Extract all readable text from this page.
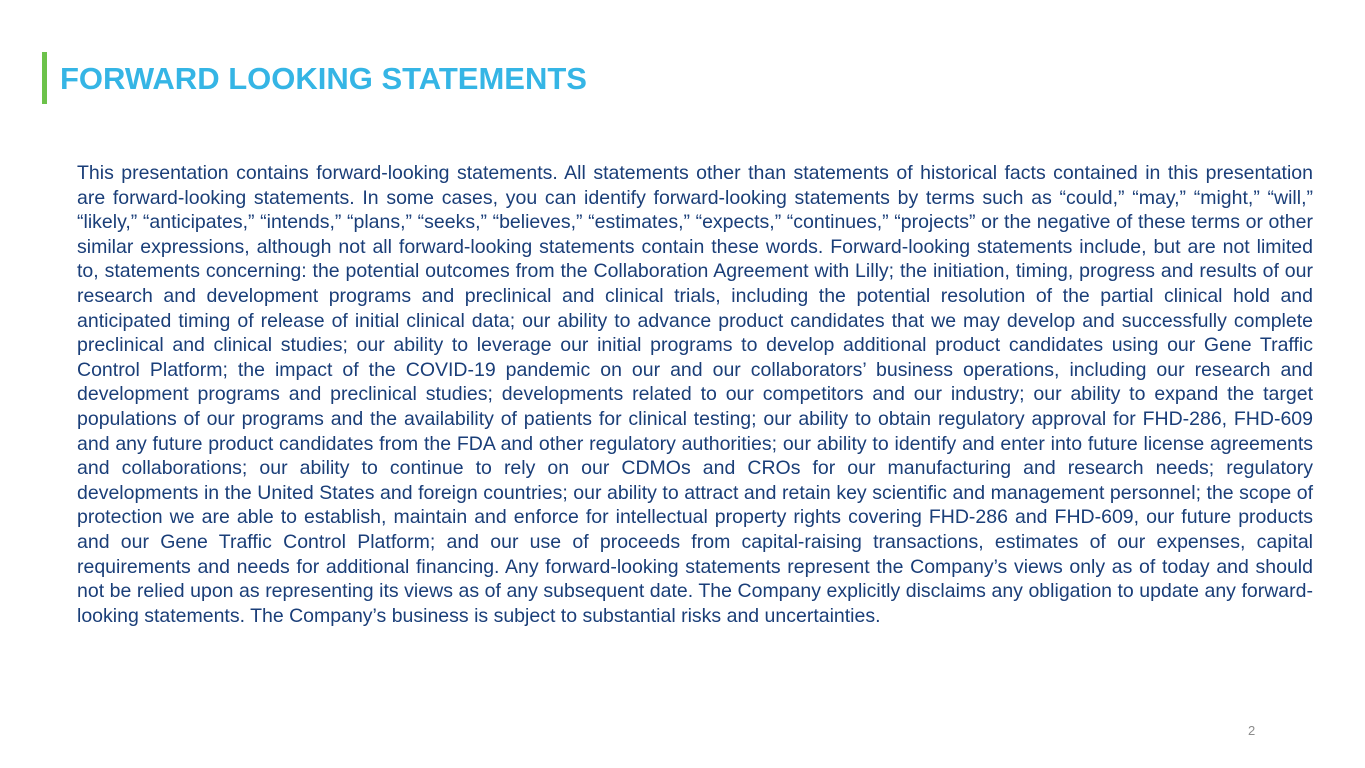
FORWARD LOOKING STATEMENTS

This presentation contains forward-looking statements. All statements other than statements of historical facts contained in this presentation are forward-looking statements. In some cases, you can identify forward-looking statements by terms such as “could,” “may,” “might,” “will,” “likely,” “anticipates,” “intends,” “plans,” “seeks,” “believes,” “estimates,” “expects,” “continues,” “projects” or the negative of these terms or other similar expressions, although not all forward-looking statements contain these words. Forward-looking statements include, but are not limited to, statements concerning: the potential outcomes from the Collaboration Agreement with Lilly; the initiation, timing, progress and results of our research and development programs and preclinical and clinical trials, including the potential resolution of the partial clinical hold and anticipated timing of release of initial clinical data; our ability to advance product candidates that we may develop and successfully complete preclinical and clinical studies; our ability to leverage our initial programs to develop additional product candidates using our Gene Traffic Control Platform; the impact of the COVID-19 pandemic on our and our collaborators’ business operations, including our research and development programs and preclinical studies; developments related to our competitors and our industry; our ability to expand the target populations of our programs and the availability of patients for clinical testing; our ability to obtain regulatory approval for FHD-286, FHD-609 and any future product candidates from the FDA and other regulatory authorities; our ability to identify and enter into future license agreements and collaborations; our ability to continue to rely on our CDMOs and CROs for our manufacturing and research needs; regulatory developments in the United States and foreign countries; our ability to attract and retain key scientific and management personnel; the scope of protection we are able to establish, maintain and enforce for intellectual property rights covering FHD-286 and FHD-609, our future products and our Gene Traffic Control Platform; and our use of proceeds from capital-raising transactions, estimates of our expenses, capital requirements and needs for additional financing. Any forward-looking statements represent the Company’s views only as of today and should not be relied upon as representing its views as of any subsequent date. The Company explicitly disclaims any obligation to update any forward-looking statements. The Company’s business is subject to substantial risks and uncertainties.

2
